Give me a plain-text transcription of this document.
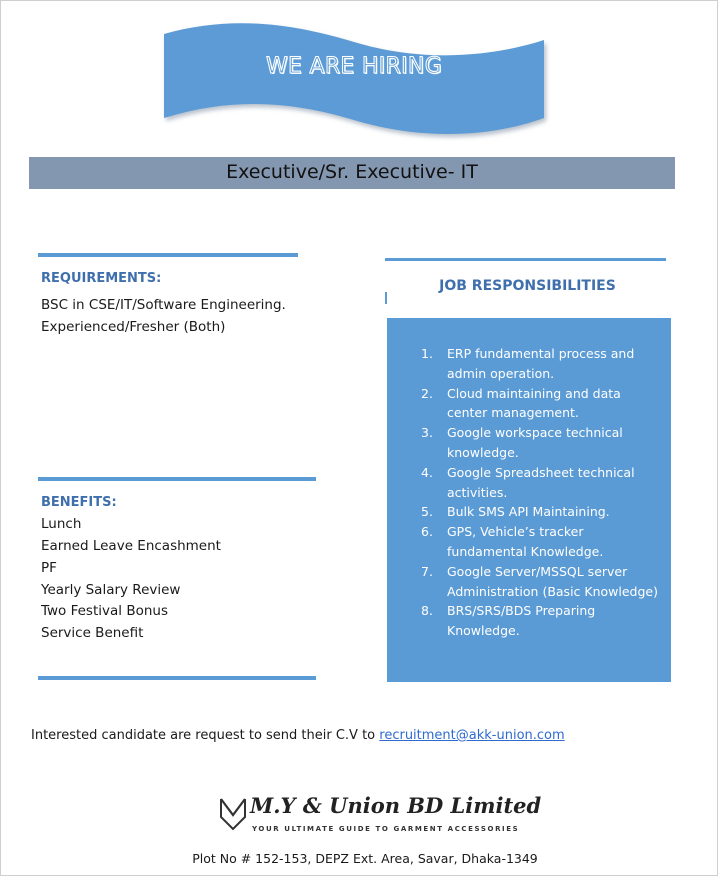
WE ARE HIRING
Executive/Sr. Executive- IT
REQUIREMENTS:
BSC in CSE/IT/Software Engineering.
Experienced/Fresher (Both)
BENEFITS:
Lunch
Earned Leave Encashment
PF
Yearly Salary Review
Two Festival Bonus
Service Benefit
JOB RESPONSIBILITIES
1. ERP fundamental process and admin operation.
2. Cloud maintaining and data center management.
3. Google workspace technical knowledge.
4. Google Spreadsheet technical activities.
5. Bulk SMS API Maintaining.
6. GPS, Vehicle’s tracker fundamental Knowledge.
7. Google Server/MSSQL server Administration (Basic Knowledge)
8. BRS/SRS/BDS Preparing Knowledge.
Interested candidate are request to send their C.V to recruitment@akk-union.com
M.Y & Union BD Limited
YOUR ULTIMATE GUIDE TO GARMENT ACCESSORIES
Plot No # 152-153, DEPZ Ext. Area, Savar, Dhaka-1349
